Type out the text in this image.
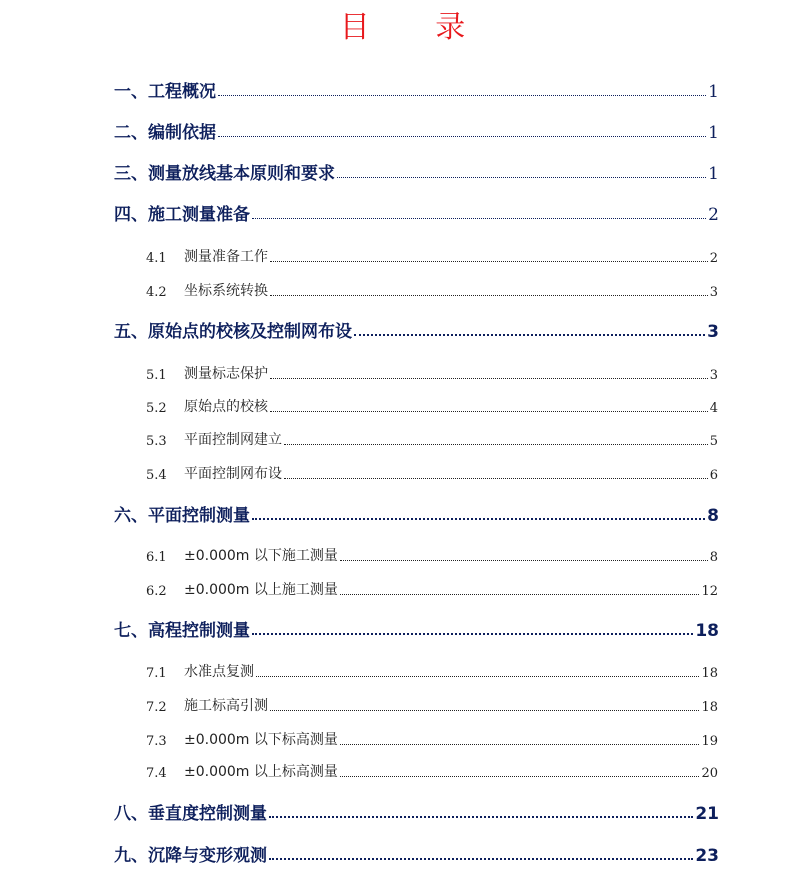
目 录
一、工程概况	1
二、编制依据	1
三、测量放线基本原则和要求	1
四、施工测量准备	2
4.1	测量准备工作	2
4.2	坐标系统转换	3
五、原始点的校核及控制网布设	3
5.1	测量标志保护	3
5.2	原始点的校核	4
5.3	平面控制网建立	5
5.4	平面控制网布设	6
六、平面控制测量	8
6.1	±0.000m 以下施工测量	8
6.2	±0.000m 以上施工测量	12
七、高程控制测量	18
7.1	水准点复测	18
7.2	施工标高引测	18
7.3	±0.000m 以下标高测量	19
7.4	±0.000m 以上标高测量	20
八、垂直度控制测量	21
九、沉降与变形观测	23
